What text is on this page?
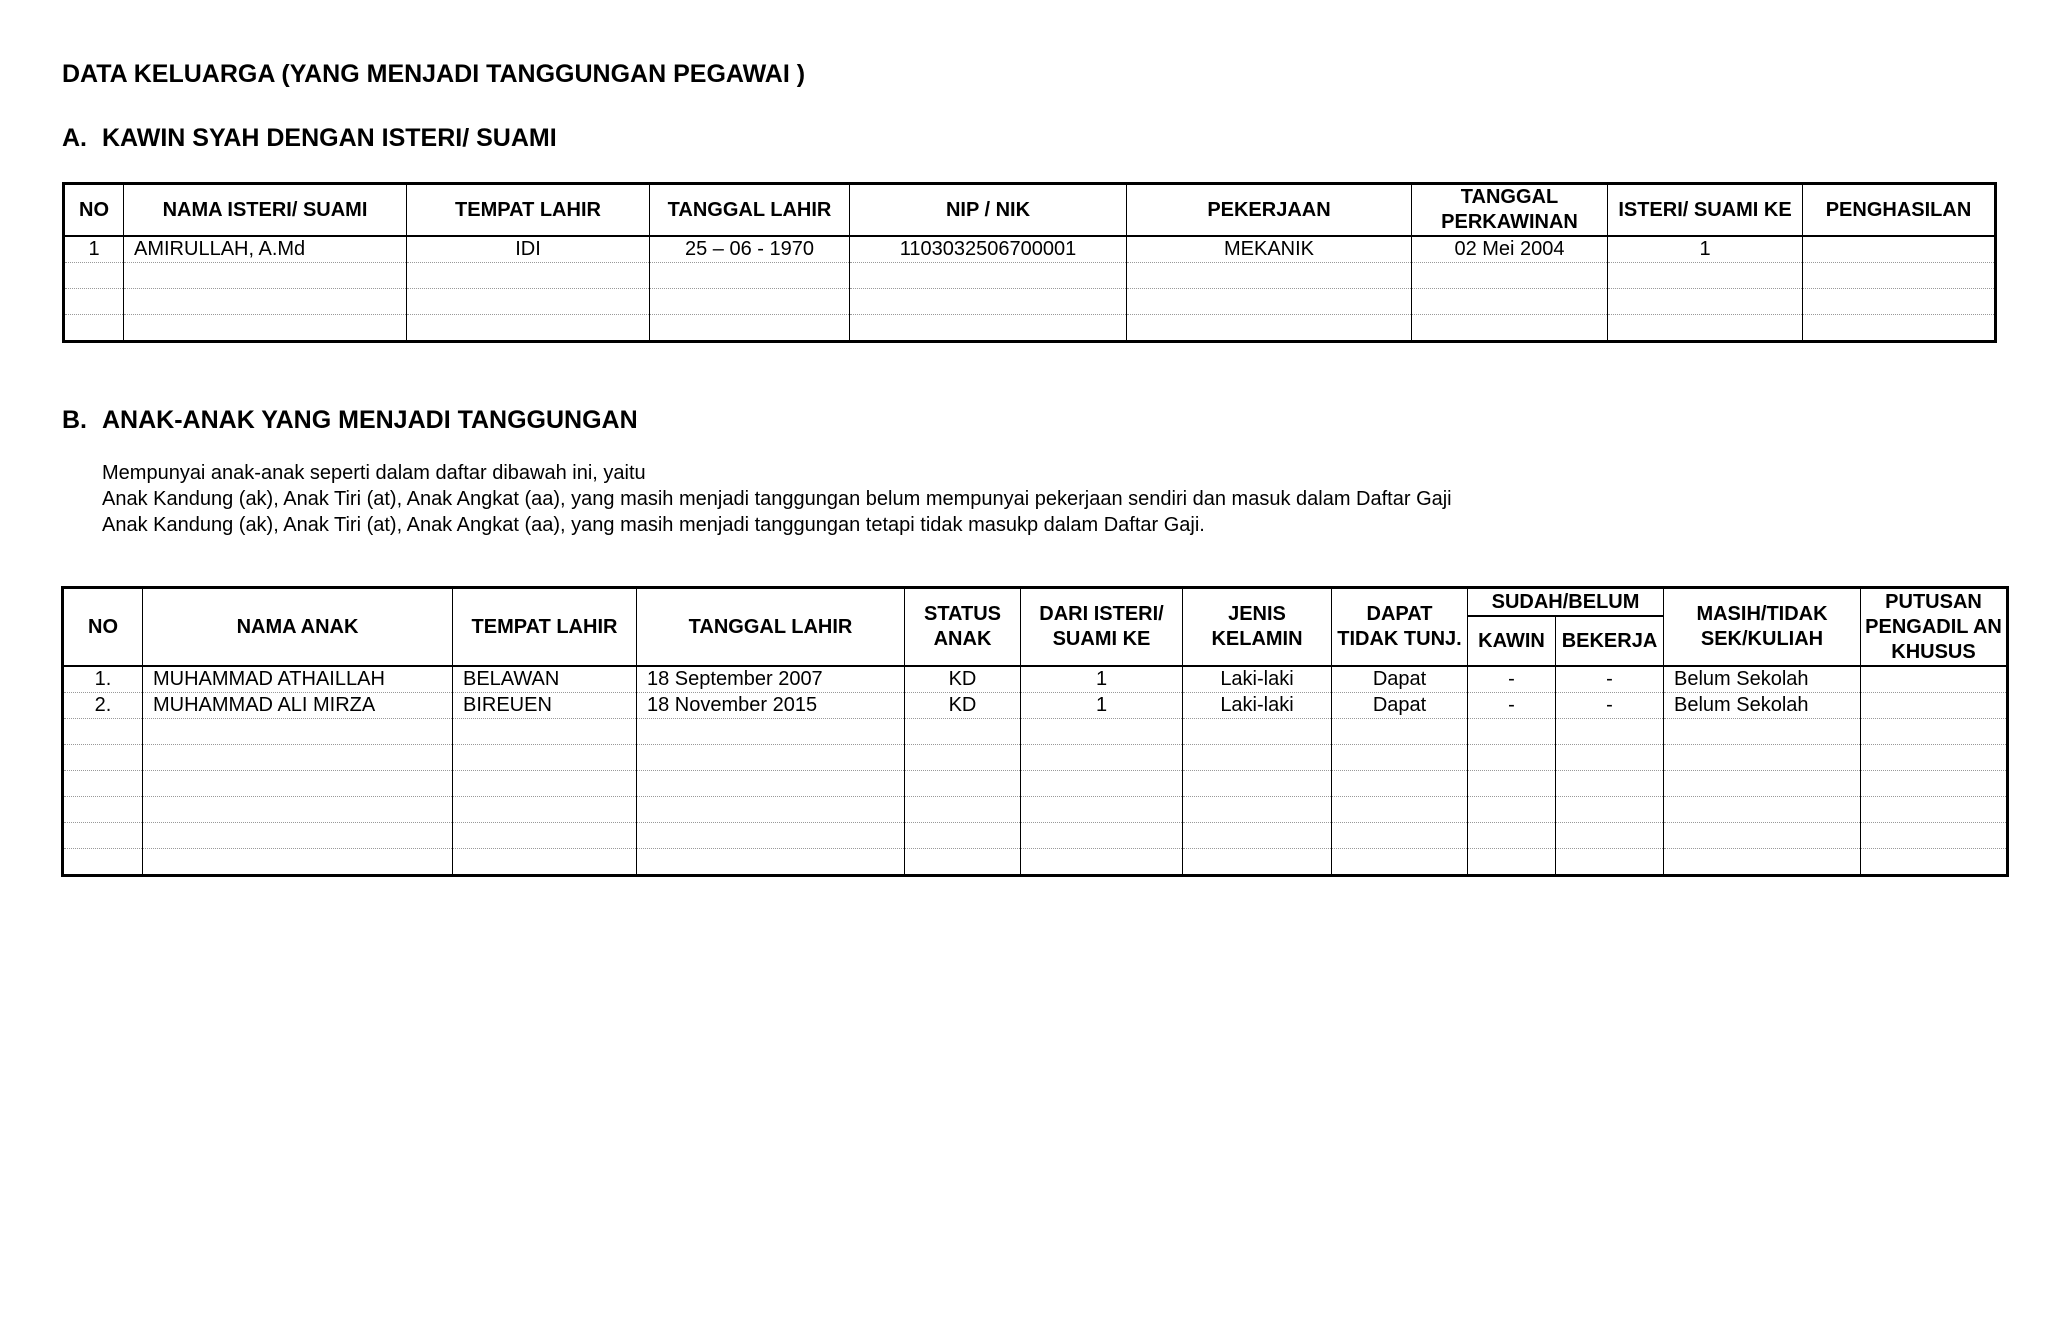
DATA KELUARGA (YANG MENJADI TANGGUNGAN PEGAWAI )
A. KAWIN SYAH DENGAN ISTERI/ SUAMI
NO	NAMA ISTERI/ SUAMI	TEMPAT LAHIR	TANGGAL LAHIR	NIP / NIK	PEKERJAAN	TANGGAL PERKAWINAN	ISTERI/ SUAMI KE	PENGHASILAN
1	AMIRULLAH, A.Md	IDI	25 – 06 - 1970	1103032506700001	MEKANIK	02 Mei 2004	1	

B. ANAK-ANAK YANG MENJADI TANGGUNGAN
Mempunyai anak-anak seperti dalam daftar dibawah ini, yaitu
Anak Kandung (ak), Anak Tiri (at), Anak Angkat (aa), yang masih menjadi tanggungan belum mempunyai pekerjaan sendiri dan masuk dalam Daftar Gaji
Anak Kandung (ak), Anak Tiri (at), Anak Angkat (aa), yang masih menjadi tanggungan tetapi tidak masukp dalam Daftar Gaji.
NO	NAMA ANAK	TEMPAT LAHIR	TANGGAL LAHIR	STATUS ANAK	DARI ISTERI/ SUAMI KE	JENIS KELAMIN	DAPAT TIDAK TUNJ.	SUDAH/BELUM		MASIH/TIDAK SEK/KULIAH	PUTUSAN PENGADIL AN KHUSUS
								KAWIN	BEKERJA		
1.	MUHAMMAD ATHAILLAH	BELAWAN	18 September 2007	KD	1	Laki-laki	Dapat	-	-	Belum Sekolah	
2.	MUHAMMAD ALI MIRZA	BIREUEN	18 November 2015	KD	1	Laki-laki	Dapat	-	-	Belum Sekolah	
